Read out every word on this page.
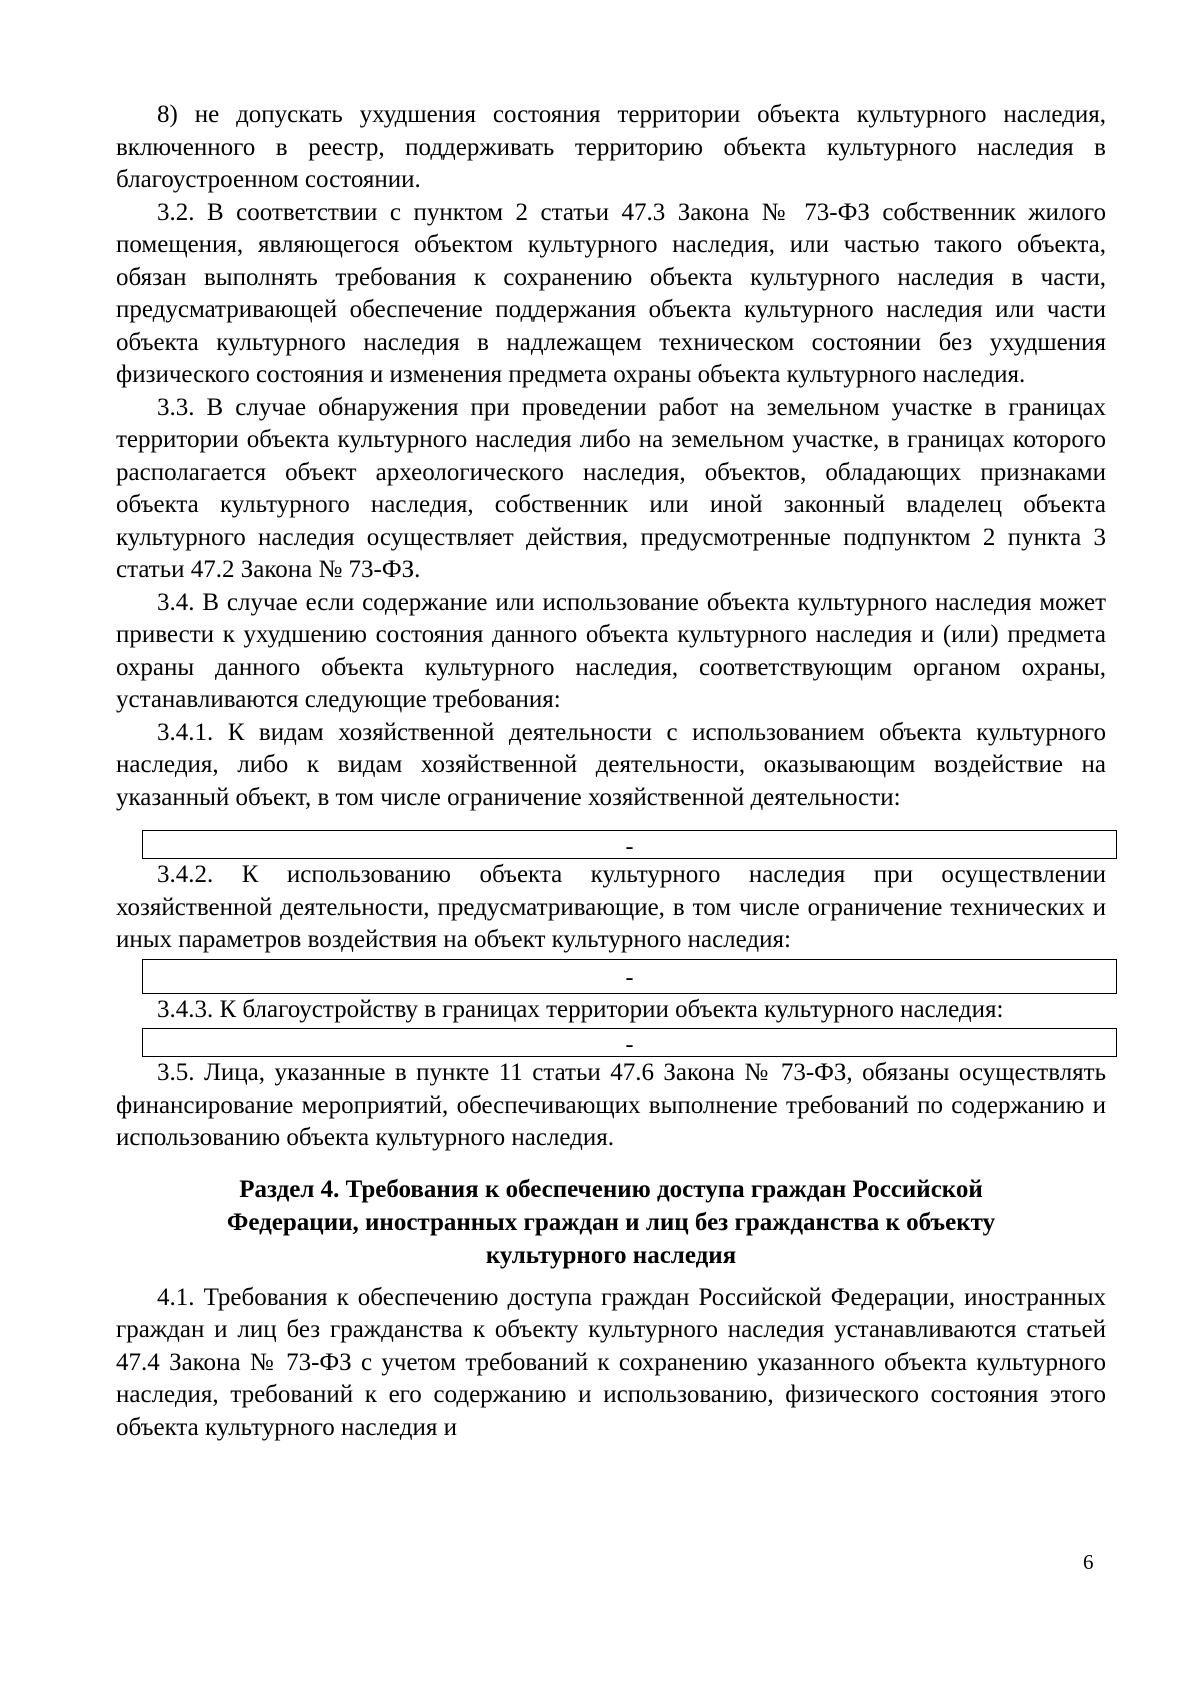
8) не допускать ухудшения состояния территории объекта культурного наследия, включенного в реестр, поддерживать территорию объекта культурного наследия в благоустроенном состоянии.

3.2. В соответствии с пунктом 2 статьи 47.3 Закона № 73-ФЗ собственник жилого помещения, являющегося объектом культурного наследия, или частью такого объекта, обязан выполнять требования к сохранению объекта культурного наследия в части, предусматривающей обеспечение поддержания объекта культурного наследия или части объекта культурного наследия в надлежащем техническом состоянии без ухудшения физического состояния и изменения предмета охраны объекта культурного наследия.

3.3. В случае обнаружения при проведении работ на земельном участке в границах территории объекта культурного наследия либо на земельном участке, в границах которого располагается объект археологического наследия, объектов, обладающих признаками объекта культурного наследия, собственник или иной законный владелец объекта культурного наследия осуществляет действия, предусмотренные подпунктом 2 пункта 3 статьи 47.2 Закона № 73-ФЗ.

3.4. В случае если содержание или использование объекта культурного наследия может привести к ухудшению состояния данного объекта культурного наследия и (или) предмета охраны данного объекта культурного наследия, соответствующим органом охраны, устанавливаются следующие требования:

3.4.1. К видам хозяйственной деятельности с использованием объекта культурного наследия, либо к видам хозяйственной деятельности, оказывающим воздействие на указанный объект, в том числе ограничение хозяйственной деятельности:

-

3.4.2. К использованию объекта культурного наследия при осуществлении хозяйственной деятельности, предусматривающие, в том числе ограничение технических и иных параметров воздействия на объект культурного наследия:

-

3.4.3. К благоустройству в границах территории объекта культурного наследия:

-

3.5. Лица, указанные в пункте 11 статьи 47.6 Закона № 73-ФЗ, обязаны осуществлять финансирование мероприятий, обеспечивающих выполнение требований по содержанию и использованию объекта культурного наследия.

Раздел 4. Требования к обеспечению доступа граждан Российской Федерации, иностранных граждан и лиц без гражданства к объекту культурного наследия

4.1. Требования к обеспечению доступа граждан Российской Федерации, иностранных граждан и лиц без гражданства к объекту культурного наследия устанавливаются статьей 47.4 Закона № 73-ФЗ с учетом требований к сохранению указанного объекта культурного наследия, требований к его содержанию и использованию, физического состояния этого объекта культурного наследия и

6
